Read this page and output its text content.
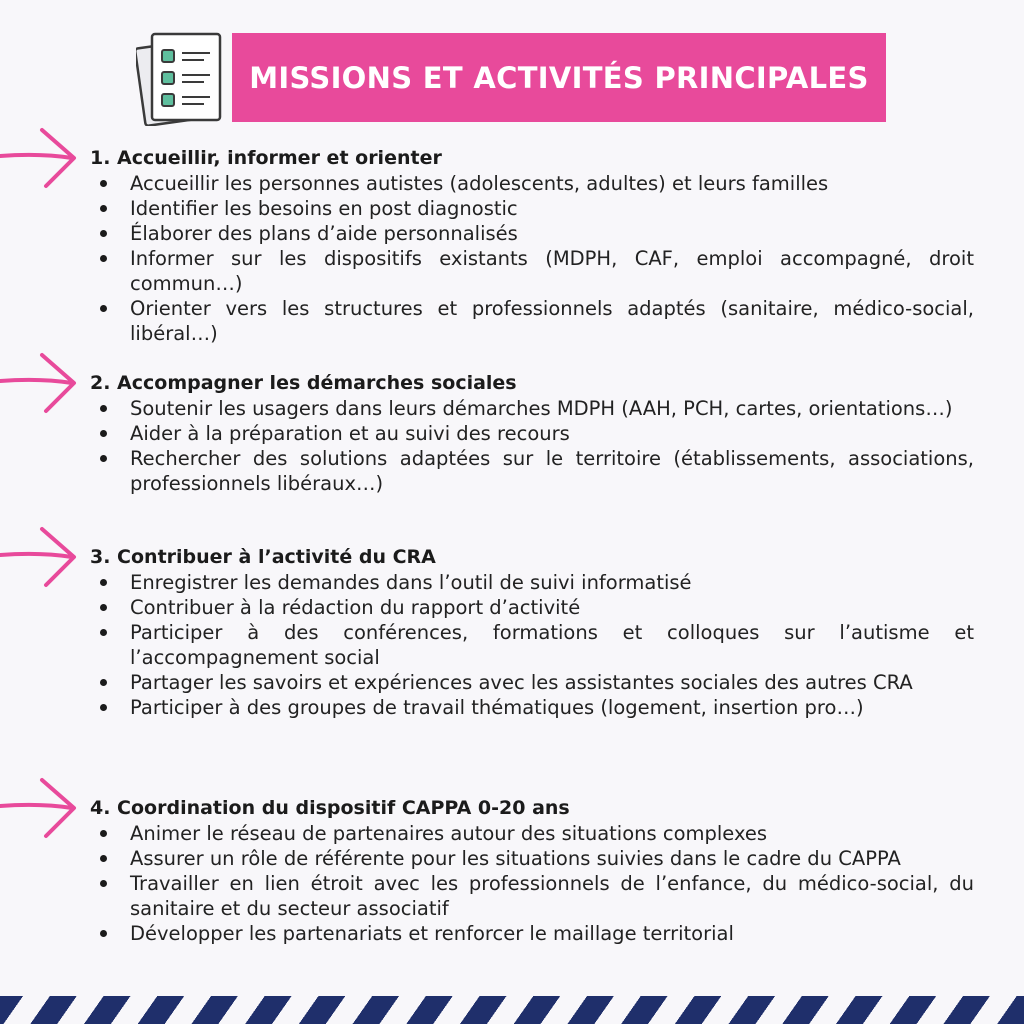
MISSIONS ET ACTIVITÉS PRINCIPALES
1. Accueillir, informer et orienter
Accueillir les personnes autistes (adolescents, adultes) et leurs familles
Identifier les besoins en post diagnostic
Élaborer des plans d’aide personnalisés
Informer sur les dispositifs existants (MDPH, CAF, emploi accompagné, droit commun…)
Orienter vers les structures et professionnels adaptés (sanitaire, médico-social, libéral…)
2. Accompagner les démarches sociales
Soutenir les usagers dans leurs démarches MDPH (AAH, PCH, cartes, orientations…)
Aider à la préparation et au suivi des recours
Rechercher des solutions adaptées sur le territoire (établissements, associations, professionnels libéraux…)
3. Contribuer à l’activité du CRA
Enregistrer les demandes dans l’outil de suivi informatisé
Contribuer à la rédaction du rapport d’activité
Participer à des conférences, formations et colloques sur l’autisme et l’accompagnement social
Partager les savoirs et expériences avec les assistantes sociales des autres CRA
Participer à des groupes de travail thématiques (logement, insertion pro…)
4. Coordination du dispositif CAPPA 0-20 ans
Animer le réseau de partenaires autour des situations complexes
Assurer un rôle de référente pour les situations suivies dans le cadre du CAPPA
Travailler en lien étroit avec les professionnels de l’enfance, du médico-social, du sanitaire et du secteur associatif
Développer les partenariats et renforcer le maillage territorial
